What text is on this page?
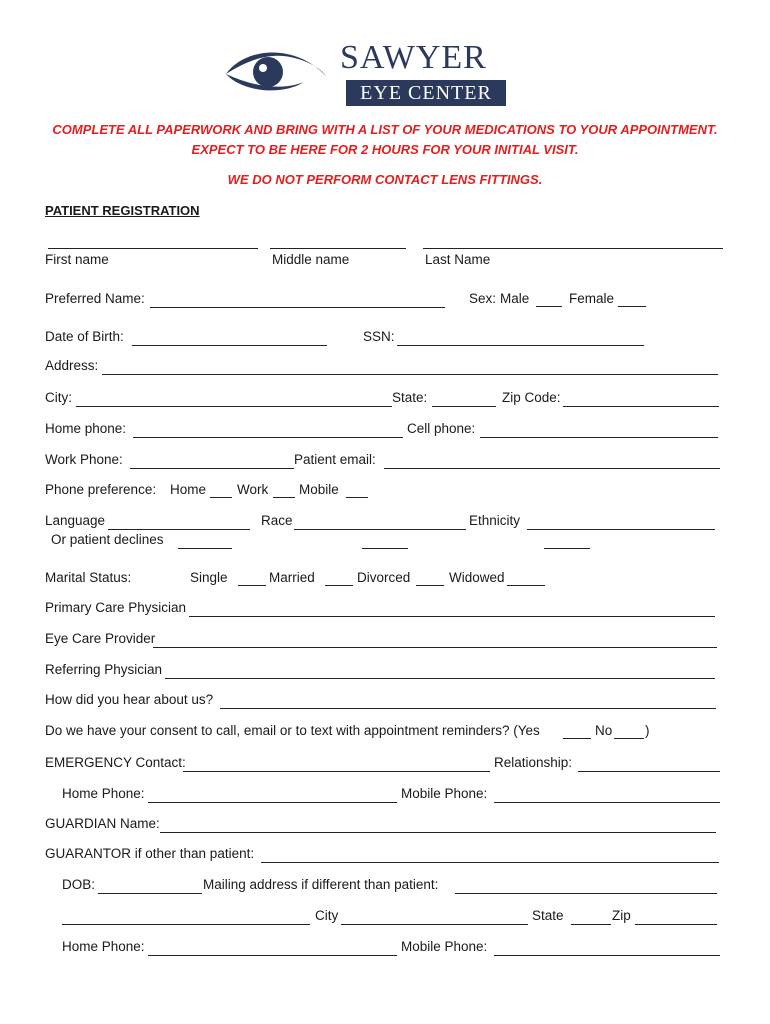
SAWYER
EYE CENTER
COMPLETE ALL PAPERWORK AND BRING WITH A LIST OF YOUR MEDICATIONS TO YOUR APPOINTMENT.
EXPECT TO BE HERE FOR 2 HOURS FOR YOUR INITIAL VISIT.
WE DO NOT PERFORM CONTACT LENS FITTINGS.
PATIENT REGISTRATION
First name	Middle name	Last Name
Preferred Name:	Sex: Male	Female
Date of Birth:	SSN:
Address:
City:	State:	Zip Code:
Home phone:	Cell phone:
Work Phone:	Patient email:
Phone preference: Home Work Mobile
Language	Race	Ethnicity
Or patient declines
Marital Status:	Single	Married	Divorced	Widowed
Primary Care Physician
Eye Care Provider
Referring Physician
How did you hear about us?
Do we have your consent to call, email or to text with appointment reminders? (Yes	No )
EMERGENCY Contact:	Relationship:
Home Phone:	Mobile Phone:
GUARDIAN Name:
GUARANTOR if other than patient:
DOB:	Mailing address if different than patient:
City	State	Zip
Home Phone:	Mobile Phone:
